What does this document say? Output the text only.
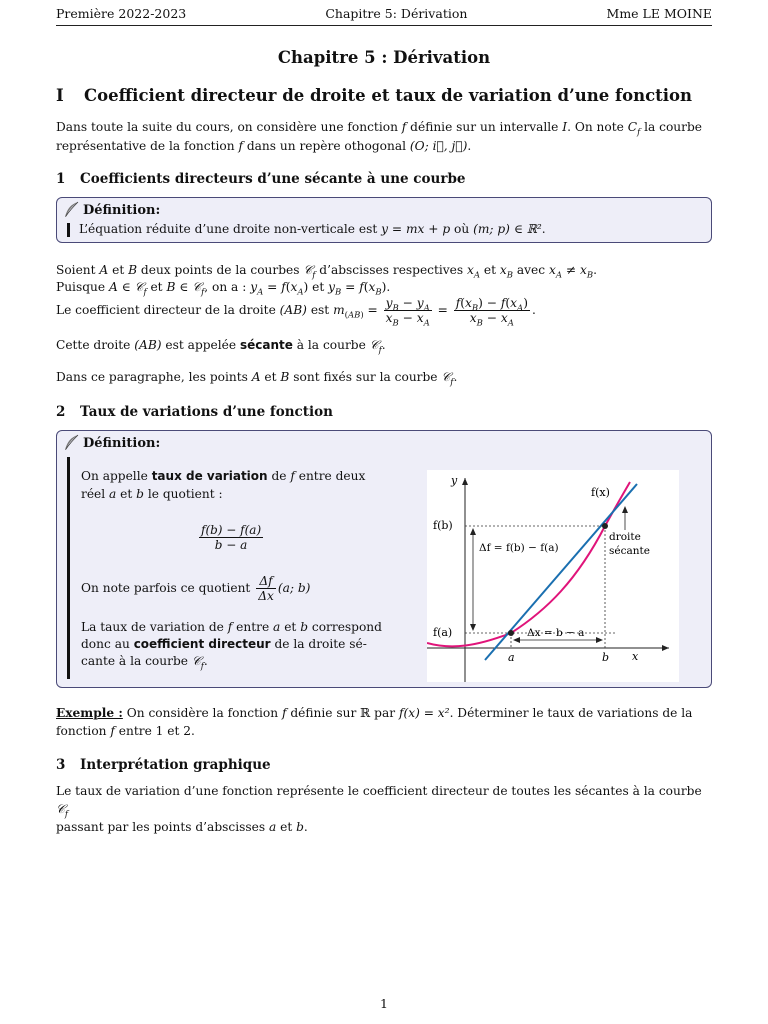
Première 2022-2023	Chapitre 5: Dérivation	Mme LE MOINE
Chapitre 5 : Dérivation
I Coefficient directeur de droite et taux de variation d’une fonction
Dans toute la suite du cours, on considère une fonction f définie sur un intervalle I. On note $C_f$ la courbe
représentative de la fonction f dans un repère othogonal (O; i⃗, j⃗).
1 Coefficients directeurs d’une sécante à une courbe
Définition:
L’équation réduite d’une droite non-verticale est y = mx + p où (m; p) ∈ ℝ².
Soient A et B deux points de la courbes 𝒞$_f$ d’abscisses respectives $x_A$ et $x_B$ avec $x_A \ne x_B$.
Puisque A ∈ 𝒞$_f$ et B ∈ 𝒞$_f$, on a : $y_A = f(x_A)$ et $y_B = f(x_B)$.
Le coefficient directeur de la droite (AB) est $m_{(AB)} = \frac{y_B - y_A}{x_B - x_A} = \frac{f(x_B) - f(x_A)}{x_B - x_A}$ .
Cette droite (AB) est appelée sécante à la courbe 𝒞$_f$.
Dans ce paragraphe, les points A et B sont fixés sur la courbe 𝒞$_f$.
2 Taux de variations d’une fonction
Définition:
On appelle taux de variation de f entre deux
réel a et b le quotient :
$\frac{f(b) - f(a)}{b - a}$
On note parfois ce quotient $\frac{\Delta f}{\Delta x} (a$; b)
La taux de variation de f entre a et b correspond
donc au coefficient directeur de la droite sé-
cante à la courbe 𝒞$_f$.
y
x
f(x)
f(b)
f(a)
Δf = f(b) − f(a)
Δx = b − a
droite
sécante
a	b
Exemple : On considère la fonction f définie sur ℝ par f(x) = x². Déterminer le taux de variations de la
fonction f entre 1 et 2.
3 Interprétation graphique
Le taux de variation d’une fonction représente le coefficient directeur de toutes les sécantes à la courbe 𝒞$_f$
passant par les points d’abscisses a et b.
1
